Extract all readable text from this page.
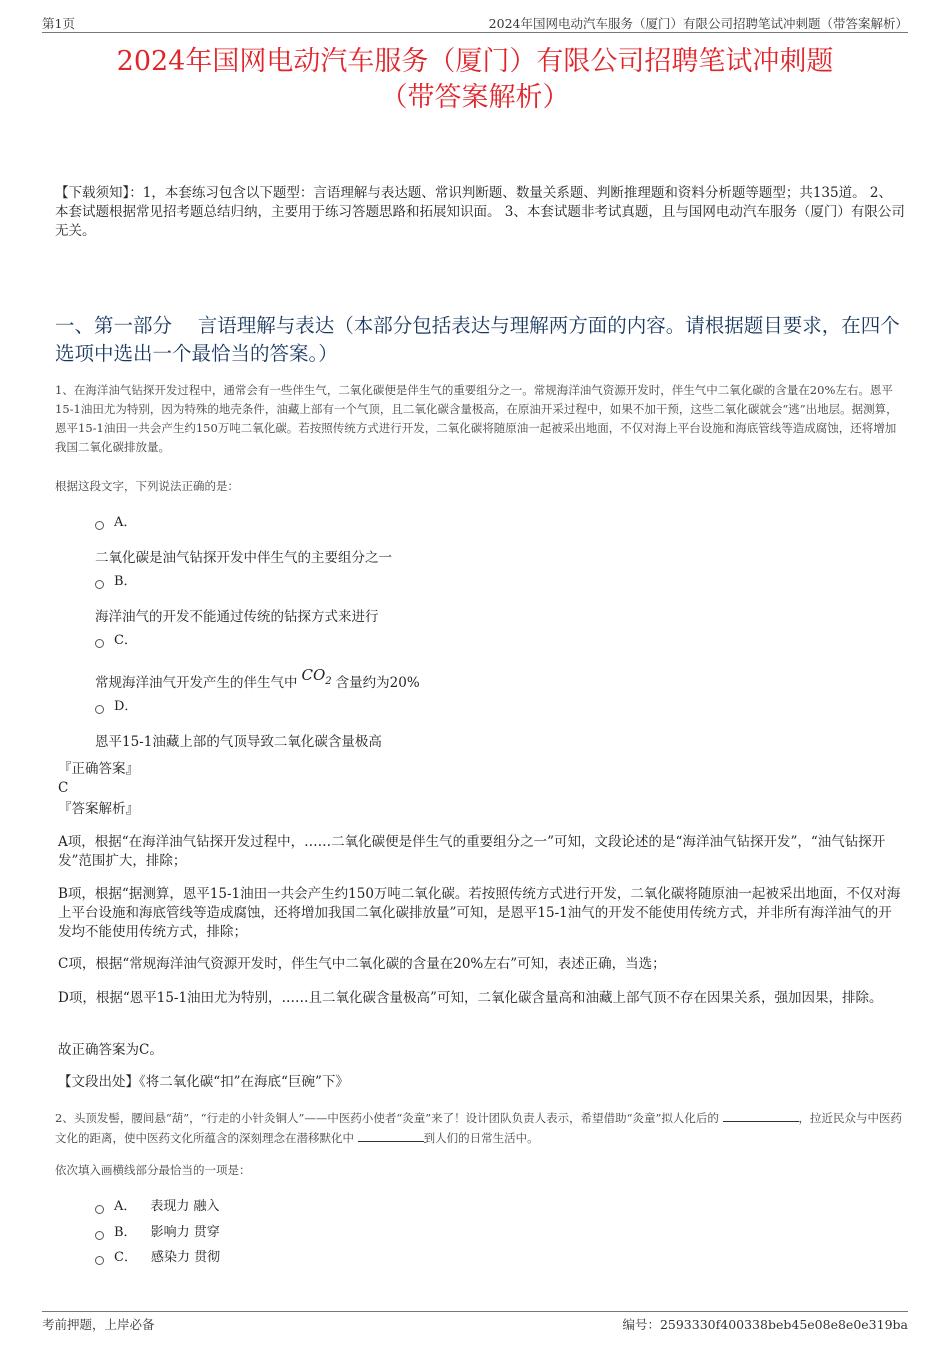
第1页	2024年国网电动汽车服务（厦门）有限公司招聘笔试冲刺题（带答案解析）
2024年国网电动汽车服务（厦门）有限公司招聘笔试冲刺题
（带答案解析）
【下载须知】：1，本套练习包含以下题型：言语理解与表达题、常识判断题、数量关系题、判断推理题和资料分析题等题型；共135道。 2、本套试题根据常见招考题总结归纳，主要用于练习答题思路和拓展知识面。 3、本套试题非考试真题，且与国网电动汽车服务（厦门）有限公司无关。
一、第一部分　 言语理解与表达（本部分包括表达与理解两方面的内容。请根据题目要求，在四个选项中选出一个最恰当的答案。）
1、在海洋油气钻探开发过程中，通常会有一些伴生气，二氧化碳便是伴生气的重要组分之一。常规海洋油气资源开发时，伴生气中二氧化碳的含量在20%左右。恩平15-1油田尤为特别，因为特殊的地壳条件，油藏上部有一个气顶，且二氧化碳含量极高，在原油开采过程中，如果不加干预，这些二氧化碳就会“逃”出地层。据测算，恩平15-1油田一共会产生约150万吨二氧化碳。若按照传统方式进行开发，二氧化碳将随原油一起被采出地面，不仅对海上平台设施和海底管线等造成腐蚀，还将增加我国二氧化碳排放量。
根据这段文字，下列说法正确的是：
A．
二氧化碳是油气钻探开发中伴生气的主要组分之一
B．
海洋油气的开发不能通过传统的钻探方式来进行
C．
常规海洋油气开发产生的伴生气中 $CO_2$ 含量约为20%
D．
恩平15-1油藏上部的气顶导致二氧化碳含量极高
『正确答案』
C
『答案解析』
A项，根据“在海洋油气钻探开发过程中，……二氧化碳便是伴生气的重要组分之一”可知，文段论述的是“海洋油气钻探开发”，“油气钻探开发”范围扩大，排除；
B项，根据“据测算，恩平15-1油田一共会产生约150万吨二氧化碳。若按照传统方式进行开发，二氧化碳将随原油一起被采出地面，不仅对海上平台设施和海底管线等造成腐蚀，还将增加我国二氧化碳排放量”可知，是恩平15-1油气的开发不能使用传统方式，并非所有海洋油气的开发均不能使用传统方式，排除；
C项，根据“常规海洋油气资源开发时，伴生气中二氧化碳的含量在20%左右”可知，表述正确，当选；
D项，根据“恩平15-1油田尤为特别，……且二氧化碳含量极高”可知，二氧化碳含量高和油藏上部气顶不存在因果关系，强加因果，排除。
故正确答案为C。
【文段出处】《将二氧化碳“扣”在海底“巨碗”下》
2、头顶发髻，腰间悬“葫”，“行走的小针灸铜人”——中医药小使者“灸童”来了！设计团队负责人表示，希望借助“灸童”拟人化后的	，拉近民众与中医药文化的距离，使中医药文化所蕴含的深刻理念在潜移默化中	到人们的日常生活中。
依次填入画横线部分最恰当的一项是：
A． 表现力 融入
B． 影响力 贯穿
C． 感染力 贯彻
考前押题，上岸必备	编号：2593330f400338beb45e08e8e0e319ba
